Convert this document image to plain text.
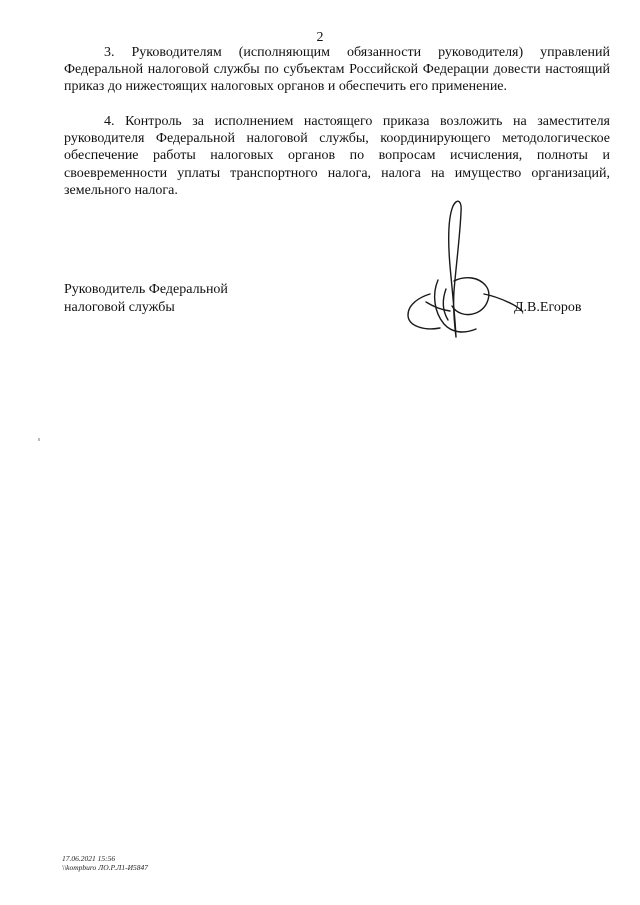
2

3. Руководителям (исполняющим обязанности руководителя) управлений Федеральной налоговой службы по субъектам Российской Федерации довести настоящий приказ до нижестоящих налоговых органов и обеспечить его применение.

4. Контроль за исполнением настоящего приказа возложить на заместителя руководителя Федеральной налоговой службы, координирующего методологическое обеспечение работы налоговых органов по вопросам исчисления, полноты и своевременности уплаты транспортного налога, налога на имущество организаций, земельного налога.

Руководитель Федеральной
налоговой службы	Д.В.Егоров
17.06.2021 15:56
\\kompburo ЛО.Р.Л1-И5847
